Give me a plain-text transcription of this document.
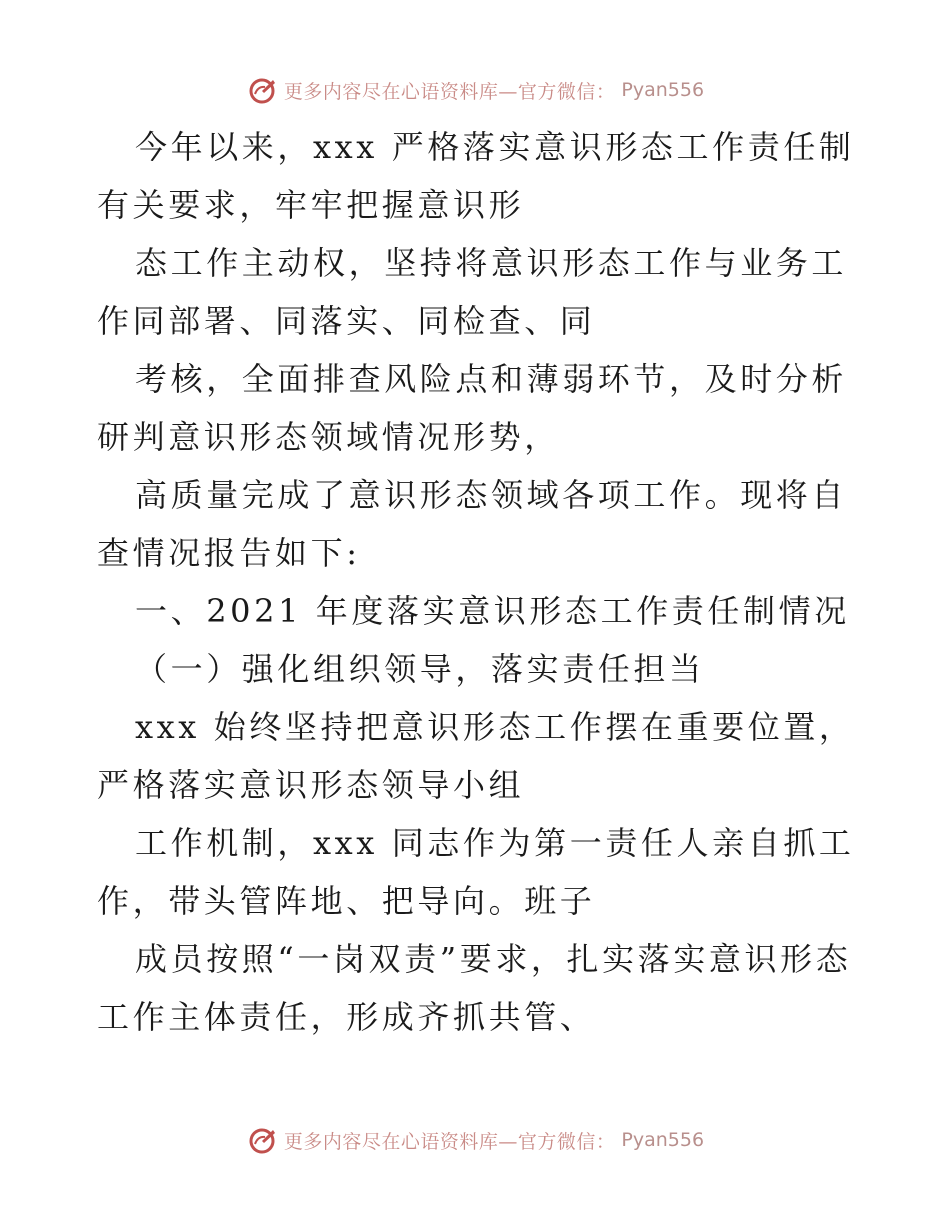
更多内容尽在心语资料库—官方微信： Pyan556

今年以来，xxx 严格落实意识形态工作责任制有关要求，牢牢把握意识形

态工作主动权，坚持将意识形态工作与业务工作同部署、同落实、同检查、同

考核，全面排查风险点和薄弱环节，及时分析研判意识形态领域情况形势，

高质量完成了意识形态领域各项工作。现将自查情况报告如下:

一、2021 年度落实意识形态工作责任制情况

（一）强化组织领导，落实责任担当

xxx 始终坚持把意识形态工作摆在重要位置，严格落实意识形态领导小组

工作机制，xxx 同志作为第一责任人亲自抓工作，带头管阵地、把导向。班子

成员按照“一岗双责”要求，扎实落实意识形态工作主体责任，形成齐抓共管、

更多内容尽在心语资料库—官方微信： Pyan556
